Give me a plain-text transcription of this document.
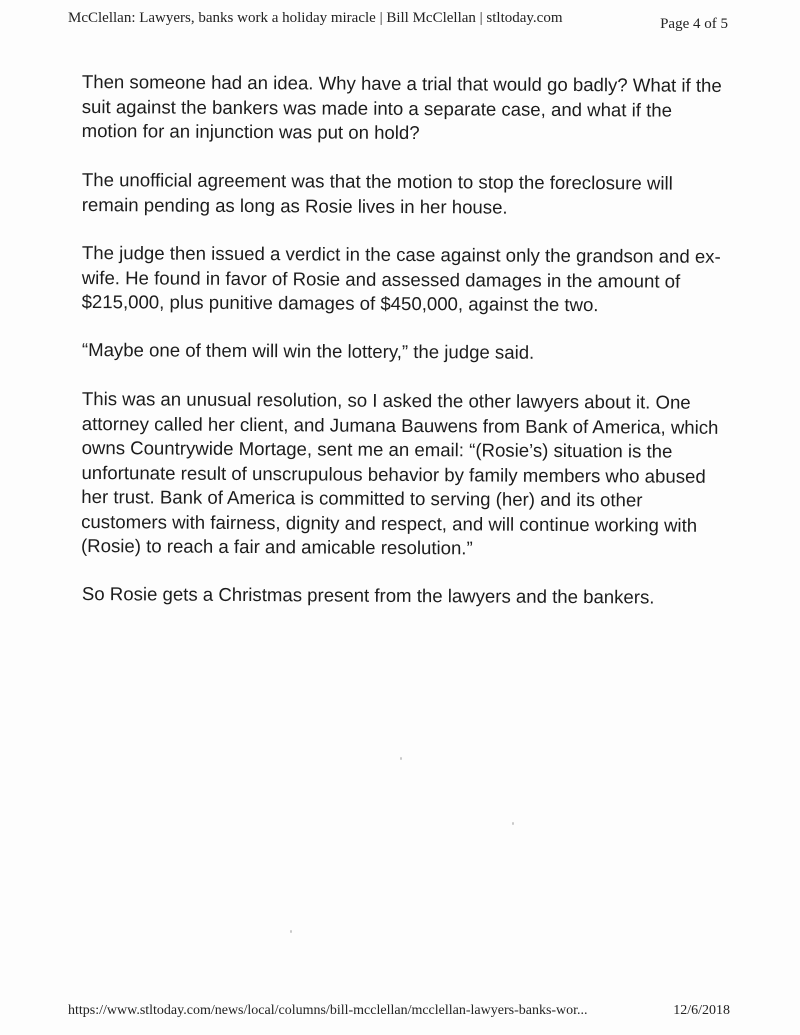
McClellan: Lawyers, banks work a holiday miracle | Bill McClellan | stltoday.com	Page 4 of 5

Then someone had an idea. Why have a trial that would go badly? What if the suit against the bankers was made into a separate case, and what if the motion for an injunction was put on hold?

The unofficial agreement was that the motion to stop the foreclosure will remain pending as long as Rosie lives in her house.

The judge then issued a verdict in the case against only the grandson and ex-wife. He found in favor of Rosie and assessed damages in the amount of $215,000, plus punitive damages of $450,000, against the two.

“Maybe one of them will win the lottery,” the judge said.

This was an unusual resolution, so I asked the other lawyers about it. One attorney called her client, and Jumana Bauwens from Bank of America, which owns Countrywide Mortage, sent me an email: “(Rosie’s) situation is the unfortunate result of unscrupulous behavior by family members who abused her trust. Bank of America is committed to serving (her) and its other customers with fairness, dignity and respect, and will continue working with (Rosie) to reach a fair and amicable resolution.”

So Rosie gets a Christmas present from the lawyers and the bankers.

https://www.stltoday.com/news/local/columns/bill-mcclellan/mcclellan-lawyers-banks-wor...	12/6/2018
